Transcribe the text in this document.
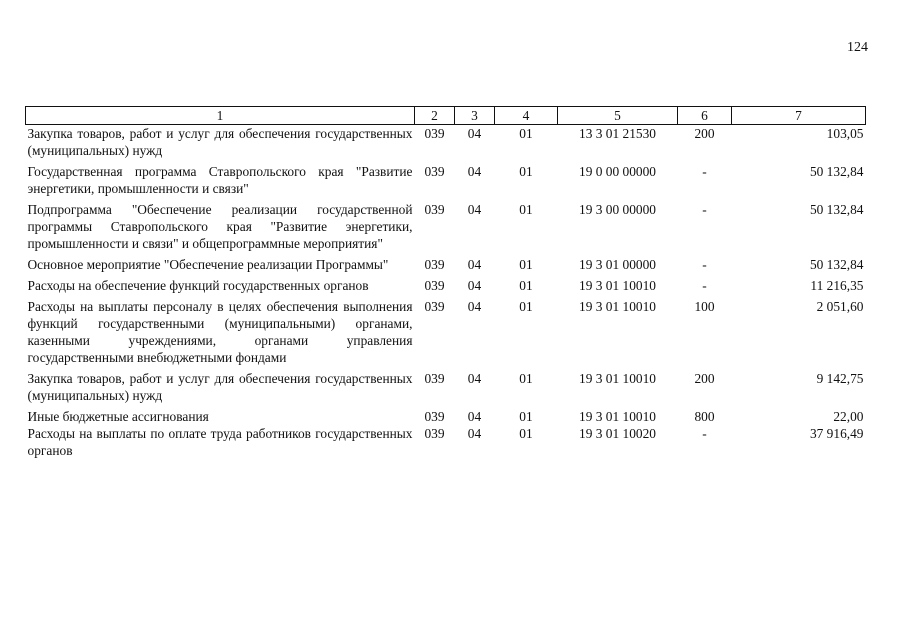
124
1	2	3	4	5	6	7
Закупка товаров, работ и услуг для обеспечения государственных (муниципальных) нужд	039	04	01	13 3 01 21530	200	103,05
Государственная программа Ставропольского края "Развитие энергетики, промышленности и связи"	039	04	01	19 0 00 00000	-	50 132,84
Подпрограмма "Обеспечение реализации государственной программы Ставропольского края "Развитие энергетики, промышленности и связи" и общепрограммные мероприятия"	039	04	01	19 3 00 00000	-	50 132,84
Основное мероприятие "Обеспечение реализации Программы"	039	04	01	19 3 01 00000	-	50 132,84
Расходы на обеспечение функций государственных органов	039	04	01	19 3 01 10010	-	11 216,35
Расходы на выплаты персоналу в целях обеспечения выполнения функций государственными (муниципальными) органами, казенными учреждениями, органами управления государственными внебюджетными фондами	039	04	01	19 3 01 10010	100	2 051,60
Закупка товаров, работ и услуг для обеспечения государственных (муниципальных) нужд	039	04	01	19 3 01 10010	200	9 142,75
Иные бюджетные ассигнования	039	04	01	19 3 01 10010	800	22,00
Расходы на выплаты по оплате труда работников государственных органов	039	04	01	19 3 01 10020	-	37 916,49
